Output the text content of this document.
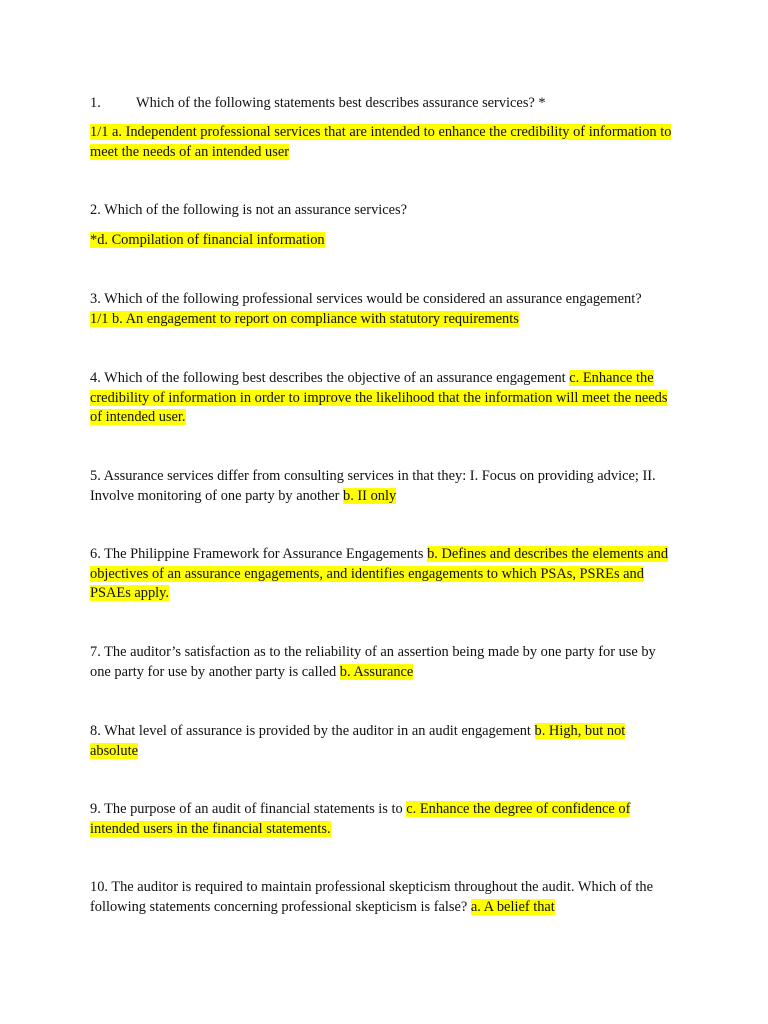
1. Which of the following statements best describes assurance services? *

1/1 a. Independent professional services that are intended to enhance the credibility of information to meet the needs of an intended user

2. Which of the following is not an assurance services?

*d. Compilation of financial information

3. Which of the following professional services would be considered an assurance engagement?
1/1 b. An engagement to report on compliance with statutory requirements

4. Which of the following best describes the objective of an assurance engagement c. Enhance the credibility of information in order to improve the likelihood that the information will meet the needs of intended user.

5. Assurance services differ from consulting services in that they: I. Focus on providing advice; II. Involve monitoring of one party by another b. II only

6. The Philippine Framework for Assurance Engagements b. Defines and describes the elements and objectives of an assurance engagements, and identifies engagements to which PSAs, PSREs and PSAEs apply.

7. The auditor’s satisfaction as to the reliability of an assertion being made by one party for use by one party for use by another party is called b. Assurance

8. What level of assurance is provided by the auditor in an audit engagement b. High, but not absolute

9. The purpose of an audit of financial statements is to c. Enhance the degree of confidence of intended users in the financial statements.

10. The auditor is required to maintain professional skepticism throughout the audit. Which of the following statements concerning professional skepticism is false? a. A belief that
